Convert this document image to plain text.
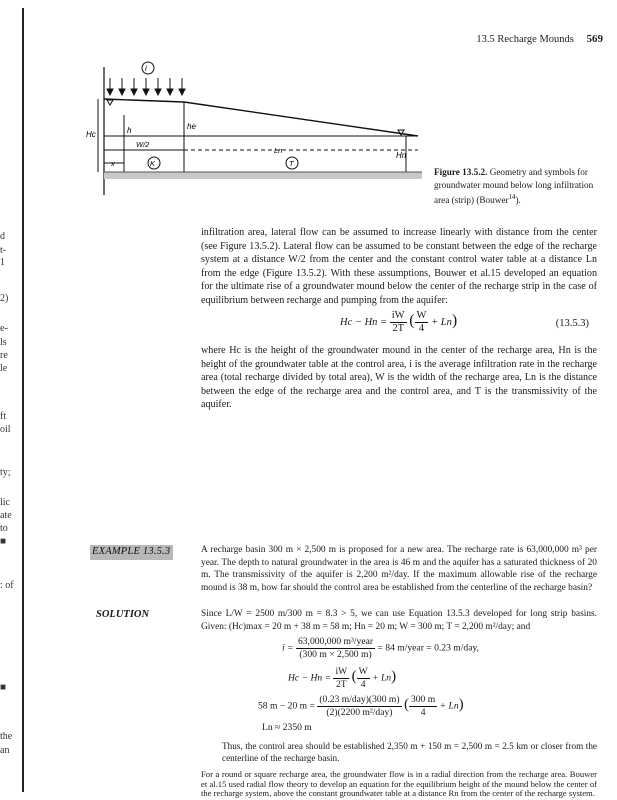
d
t-
1
2)
e-
ls
re
le
ft
oil
ty;
lic
ate
to
■
: of
■
the
an
13.5 Recharge Mounds 569
i
Hc	h	he
W/2
Ln
x	K	T
Hn
Figure 13.5.2. Geometry and symbols for groundwater mound below long infiltration area (strip) (Bouwer$^{14}$).
infiltration area, lateral flow can be assumed to increase linearly with distance from the center (see Figure 13.5.2). Lateral flow can be assumed to be constant between the edge of the recharge system at a distance W/2 from the center and the constant control water table at a distance Ln from the edge (Figure 13.5.2). With these assumptions, Bouwer et al.15 developed an equation for the ultimate rise of a groundwater mound below the center of the recharge strip in the case of equilibrium between recharge and pumping from the aquifer:
$Hc - Hn = \frac{iW}{2T}$ ( $\frac{W}{4} + Ln$)	(13.5.3)
where Hc is the height of the groundwater mound in the center of the recharge area, Hn is the height of the groundwater table at the control area, i is the average infiltration rate in the recharge area (total recharge divided by total area), W is the width of the recharge area, Ln is the distance between the edge of the recharge area and the control area, and T is the transmissivity of the aquifer.
EXAMPLE 13.5.3	A recharge basin 300 m × 2,500 m is proposed for a new area. The recharge rate is 63,000,000 m³ per year. The depth to natural groundwater in the area is 46 m and the aquifer has a saturated thickness of 20 m. The transmissivity of the aquifer is 2,200 m²/day. If the maximum allowable rise of the recharge mound is 38 m, how far should the control area be established from the centerline of the recharge basin?
SOLUTION	Since L/W = 2500 m/300 m = 8.3 > 5, we can use Equation 13.5.3 developed for long strip basins. Given: (Hc)max = 20 m + 38 m = 58 m; Hn = 20 m; W = 300 m; T = 2,200 m²/day; and
$i = \frac{\text{63,000,000 m³/year}}{(300 m \times 2,500 m)} = 84$ m/year = 0.23 m/day,
$Hc - Hn = \frac{iW}{2T}$ ( $\frac{W}{4} + Ln$)
58 m − 20 $m = \frac{\text{(0.23 m/day)(300 m)}}{\text{(2)(2200 m²/day)}}$ ( $\frac{300 m}{4} + Ln$)
Ln ≈ 2350 m
Thus, the control area should be established 2,350 m + 150 m = 2,500 m = 2.5 km or closer from the centerline of the recharge basin.
For a round or square recharge area, the groundwater flow is in a radial direction from the recharge area. Bouwer et al.15 used radial flow theory to develop an equation for the equilibrium height of the mound below the center of the recharge system, above the constant groundwater table at a distance Rn from the center of the recharge system.
